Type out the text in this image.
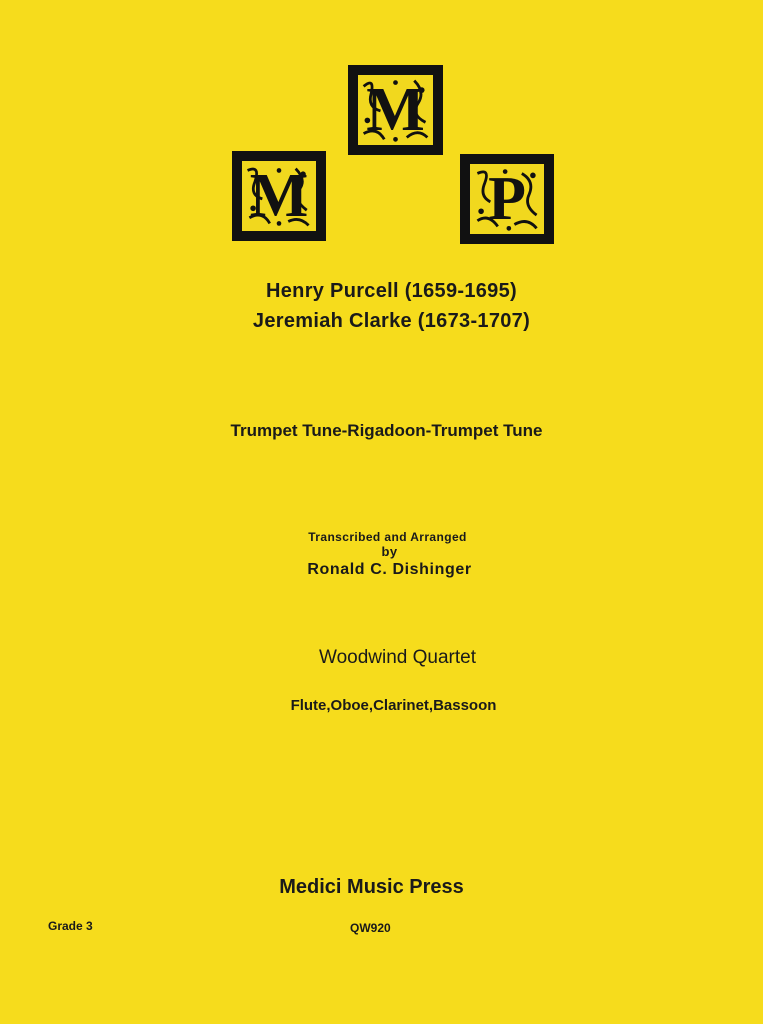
M
M
P
Henry Purcell (1659-1695)
Jeremiah Clarke (1673-1707)
Trumpet Tune-Rigadoon-Trumpet Tune
Transcribed and Arranged
by
Ronald C. Dishinger
Woodwind Quartet
Flute,Oboe,Clarinet,Bassoon
Medici Music Press
Grade 3	QW920
